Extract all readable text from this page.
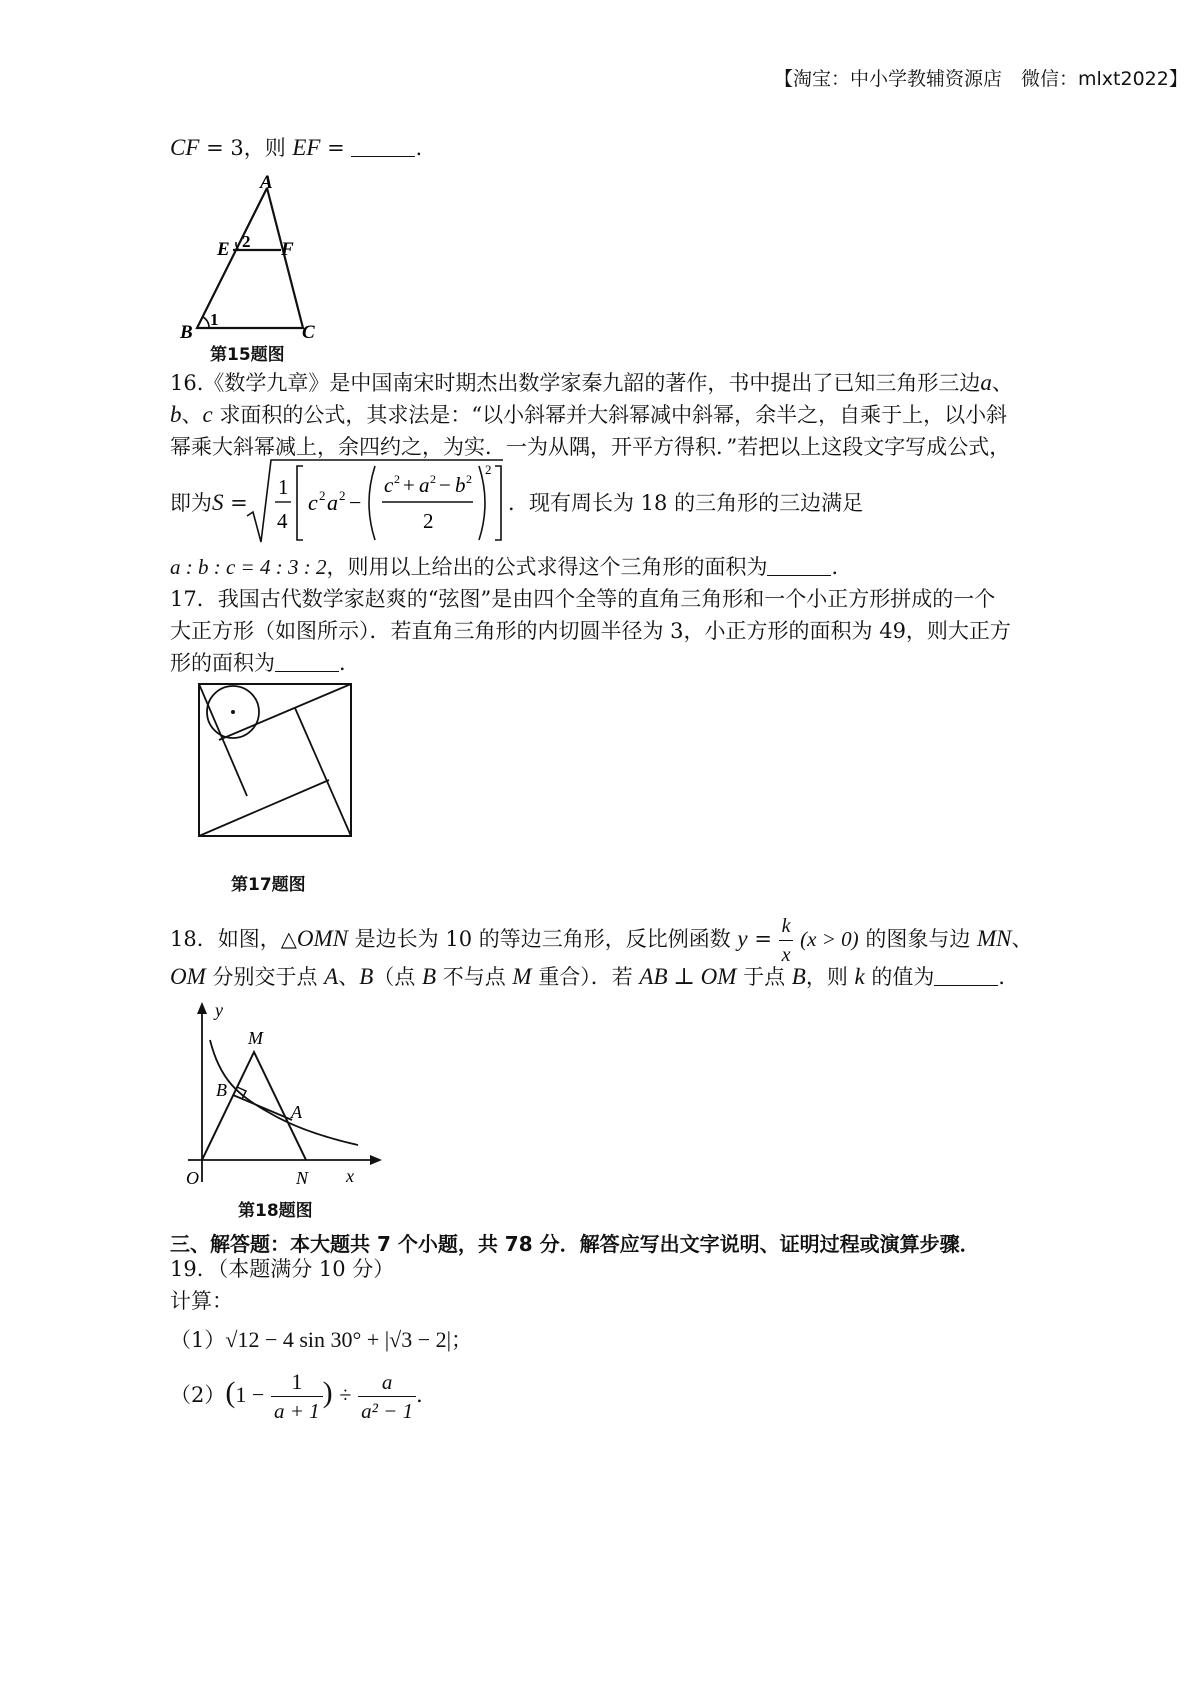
【淘宝：中小学教辅资源店　微信：mlxt2022】
CF = 3，则 EF =	.
A
E	F
B	C
1
2
第15题图
16.《数学九章》是中国南宋时期杰出数学家秦九韶的著作，书中提出了已知三角形三边a、
b、c 求面积的公式，其求法是：“以小斜幂并大斜幂减中斜幂，余半之，自乘于上，以小斜
幂乘大斜幂减上，余四约之，为实．一为从隅，开平方得积．”若把以上这段文字写成公式，
即为S =
1
4
c 2 a 2 −
c 2 + a 2 − b 2
2
2
．现有周长为 18 的三角形的三边满足
a : b : c = 4 : 3 : 2，则用以上给出的公式求得这个三角形的面积为	．
17．我国古代数学家赵爽的“弦图”是由四个全等的直角三角形和一个小正方形拼成的一个
大正方形（如图所示）．若直角三角形的内切圆半径为 3，小正方形的面积为 49，则大正方
形的面积为	．
第17题图
18．如图，△OMN 是边长为 10 的等边三角形，反比例函数 $y = \frac{k}{x} (x > 0)$ 的图象与边 MN、
OM 分别交于点 A、B（点 B 不与点 M 重合）．若 AB ⊥ OM 于点 B，则 k 的值为	．
y
x
O
M
N
A
B
第18题图
三、解答题：本大题共 7 个小题，共 78 分．解答应写出文字说明、证明过程或演算步骤．
19．（本题满分 10 分）
计算：
（1）√12 − 4 sin 30° + |√3 − 2|；
$(2)(1 - \frac{1}{a + 1}$ ) ÷ $\frac{a}{\text{a² − 1}}$ ．
